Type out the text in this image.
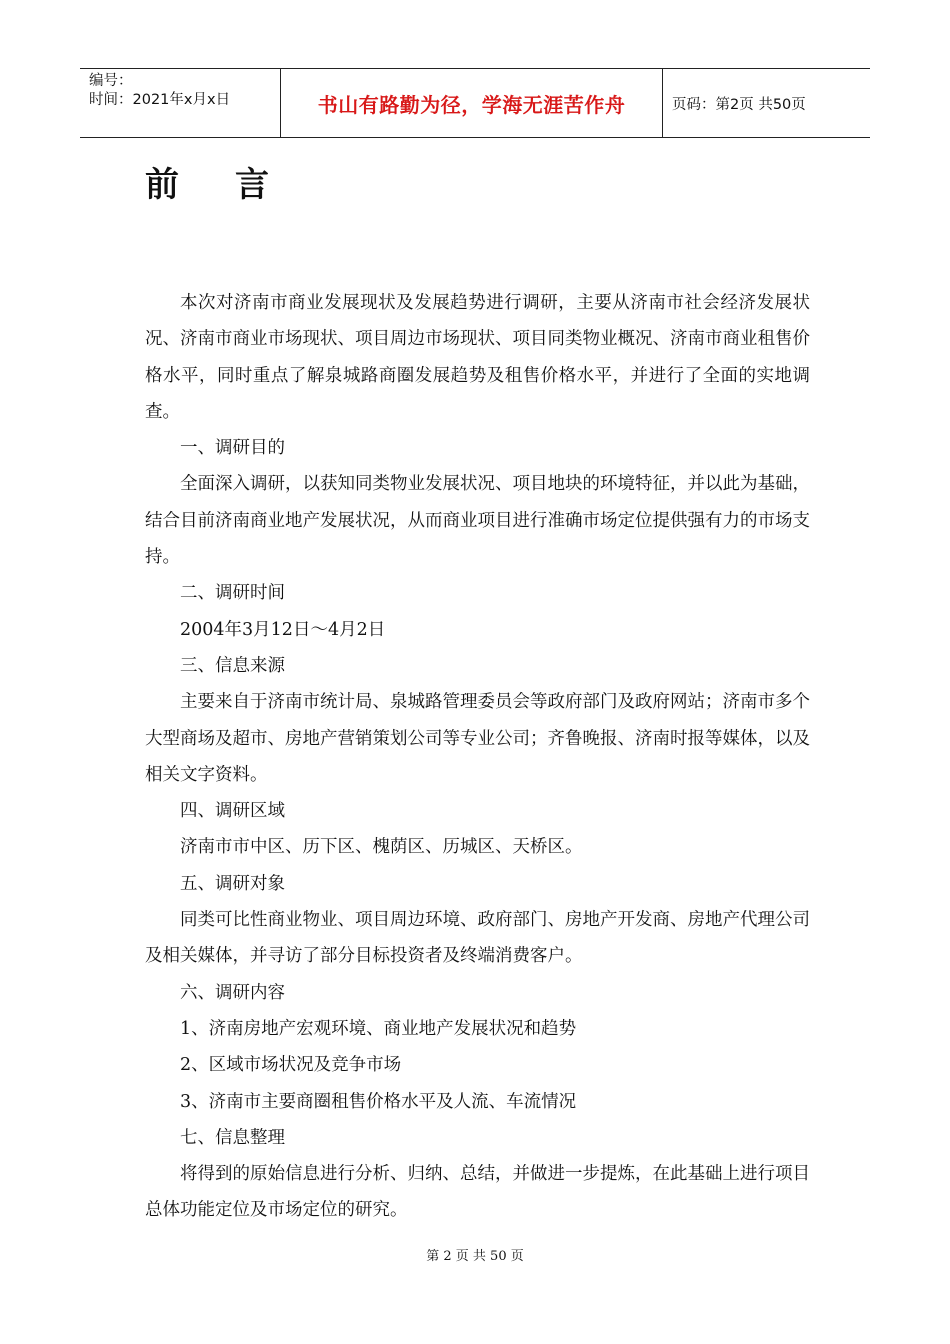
编号：
时间：2021年x月x日	书山有路勤为径，学海无涯苦作舟	页码：第2页 共50页
前言

本次对济南市商业发展现状及发展趋势进行调研，主要从济南市社会经济发展状况、济南市商业市场现状、项目周边市场现状、项目同类物业概况、济南市商业租售价格水平，同时重点了解泉城路商圈发展趋势及租售价格水平，并进行了全面的实地调查。

一、调研目的

全面深入调研，以获知同类物业发展状况、项目地块的环境特征，并以此为基础，结合目前济南商业地产发展状况，从而商业项目进行准确市场定位提供强有力的市场支持。

二、调研时间

2004年3月12日～4月2日

三、信息来源

主要来自于济南市统计局、泉城路管理委员会等政府部门及政府网站；济南市多个大型商场及超市、房地产营销策划公司等专业公司；齐鲁晚报、济南时报等媒体，以及相关文字资料。

四、调研区域

济南市市中区、历下区、槐荫区、历城区、天桥区。

五、调研对象

同类可比性商业物业、项目周边环境、政府部门、房地产开发商、房地产代理公司及相关媒体，并寻访了部分目标投资者及终端消费客户。

六、调研内容

1、济南房地产宏观环境、商业地产发展状况和趋势

2、区域市场状况及竞争市场

3、济南市主要商圈租售价格水平及人流、车流情况

七、信息整理

将得到的原始信息进行分析、归纳、总结，并做进一步提炼，在此基础上进行项目总体功能定位及市场定位的研究。

第 2 页 共 50 页
